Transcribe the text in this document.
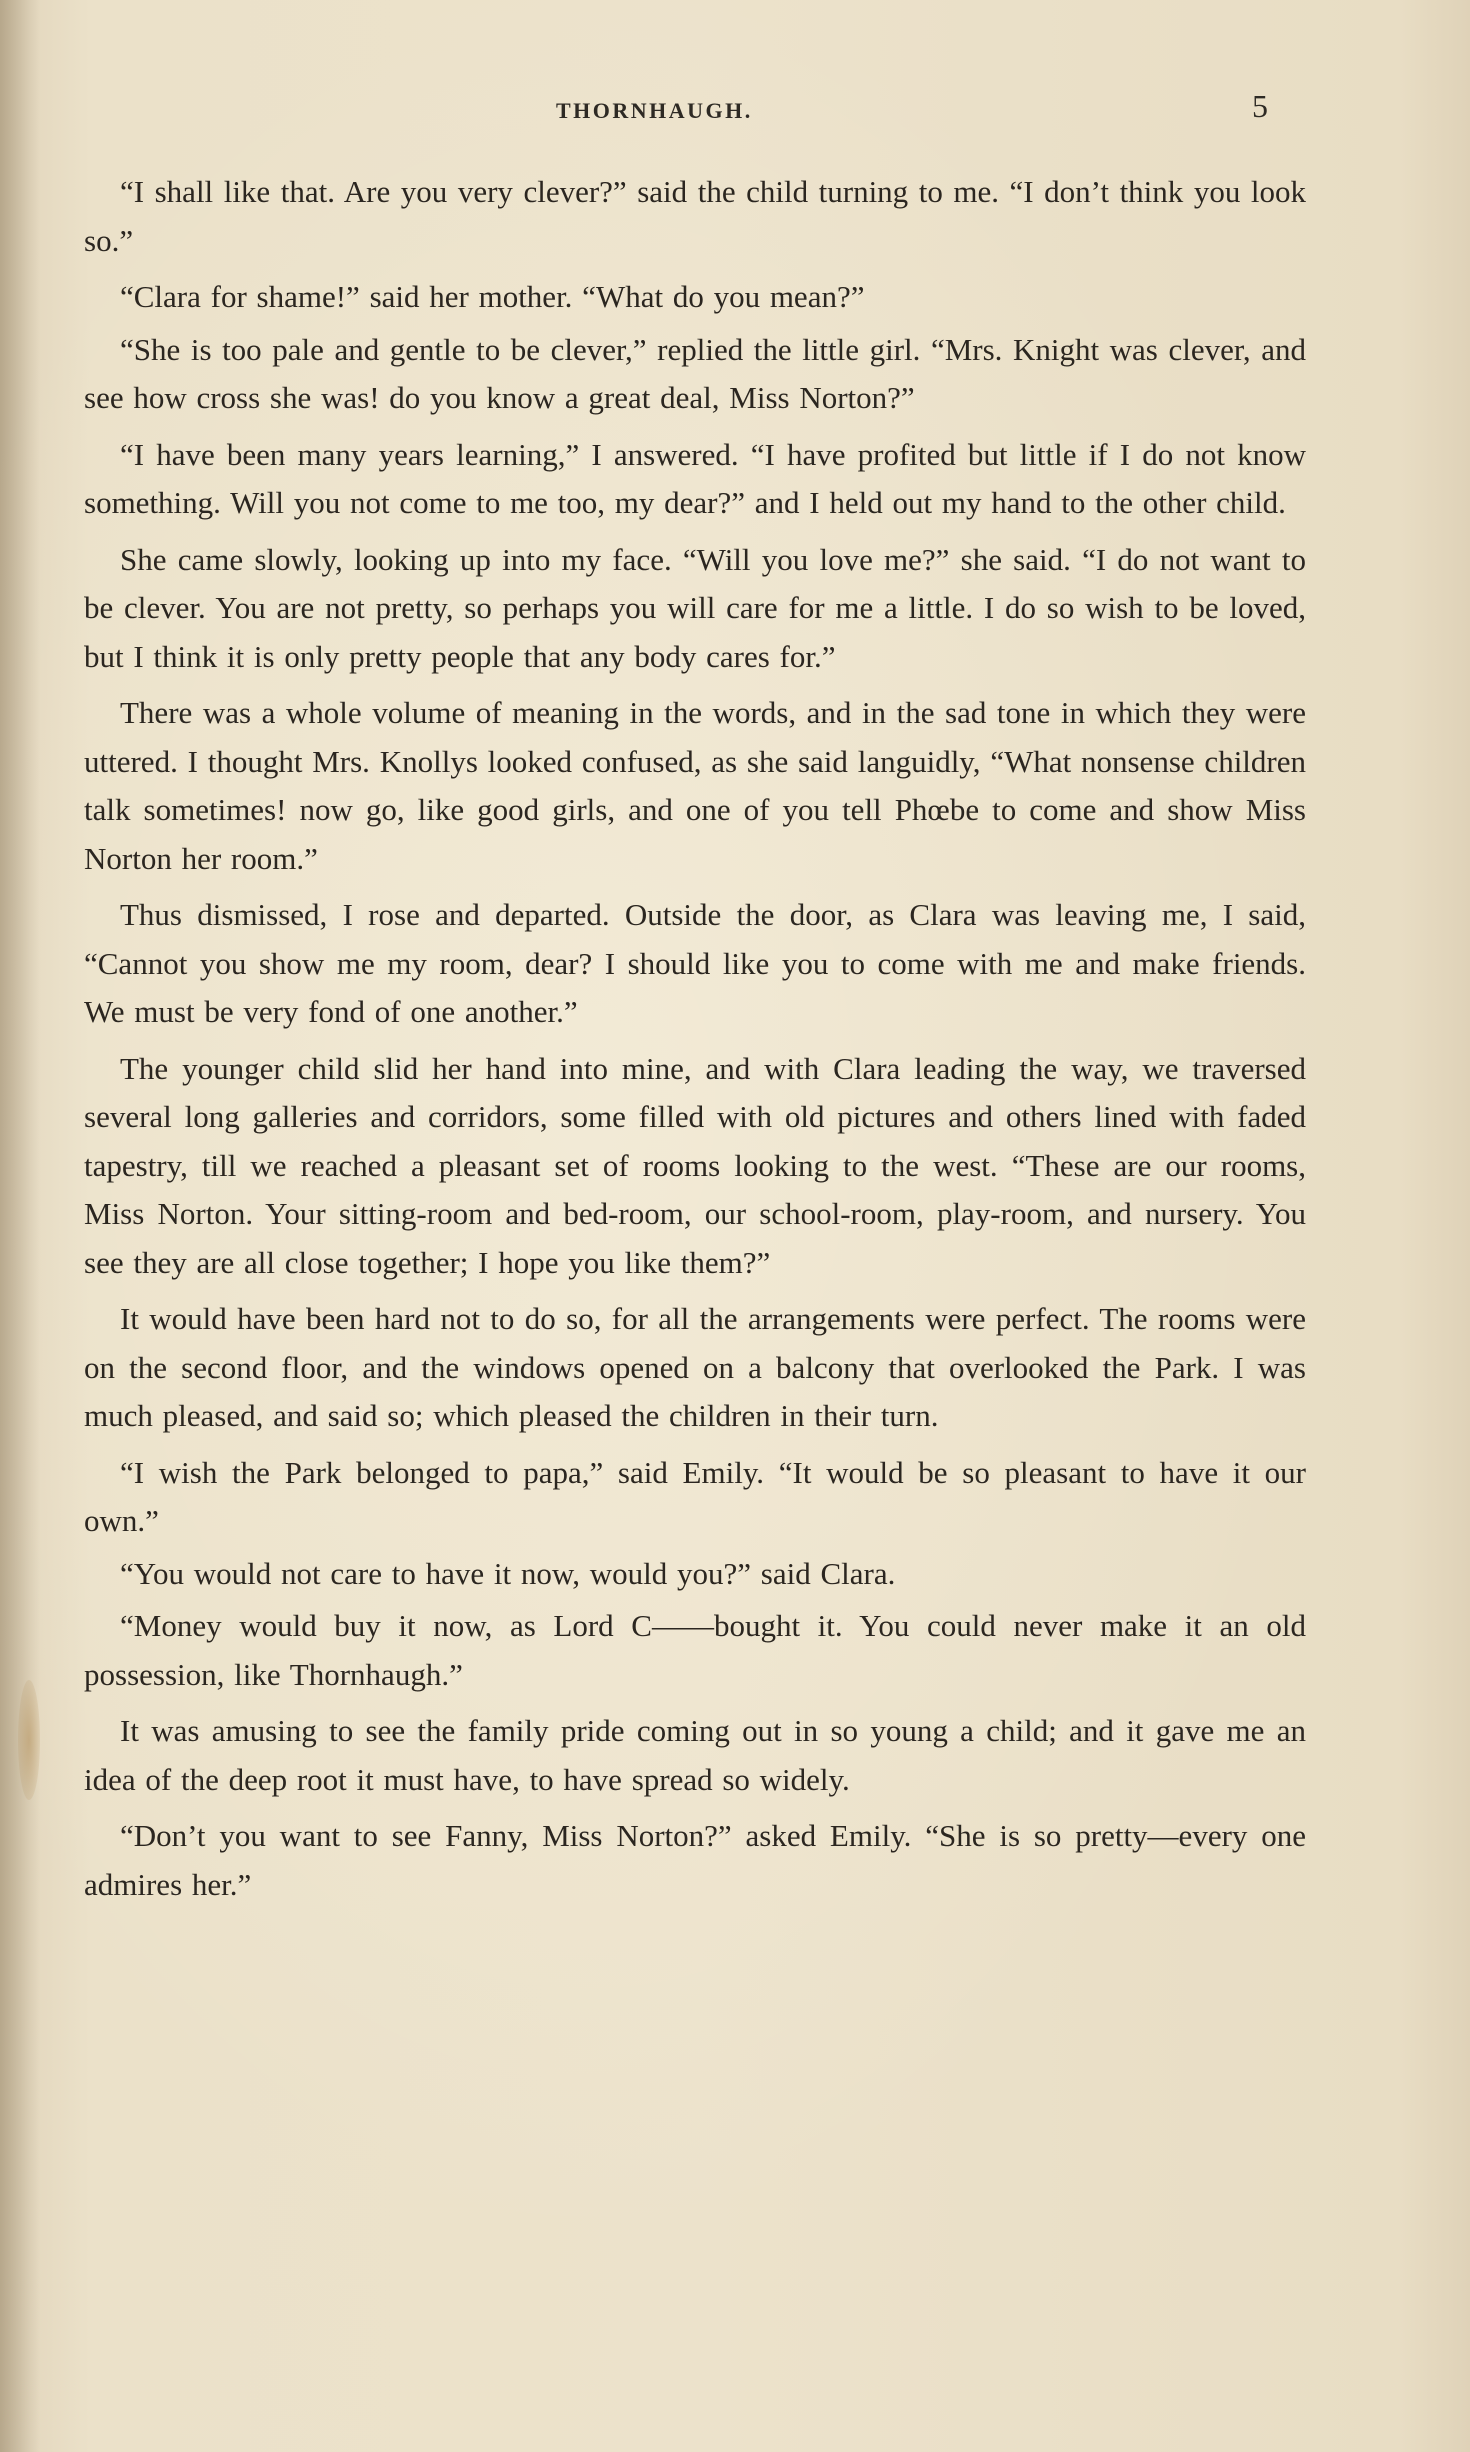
THORNHAUGH.	5

“I shall like that. Are you very clever?” said the child turning to me. “I don’t think you look so.”

“Clara for shame!” said her mother. “What do you mean?”

“She is too pale and gentle to be clever,” replied the little girl. “Mrs. Knight was clever, and see how cross she was! do you know a great deal, Miss Norton?”

“I have been many years learning,” I answered. “I have profited but little if I do not know something. Will you not come to me too, my dear?” and I held out my hand to the other child.

She came slowly, looking up into my face. “Will you love me?” she said. “I do not want to be clever. You are not pretty, so perhaps you will care for me a little. I do so wish to be loved, but I think it is only pretty people that any body cares for.”

There was a whole volume of meaning in the words, and in the sad tone in which they were uttered. I thought Mrs. Knollys looked confused, as she said languidly, “What nonsense children talk sometimes! now go, like good girls, and one of you tell Phœbe to come and show Miss Norton her room.”

Thus dismissed, I rose and departed. Outside the door, as Clara was leaving me, I said, “Cannot you show me my room, dear? I should like you to come with me and make friends. We must be very fond of one another.”

The younger child slid her hand into mine, and with Clara leading the way, we traversed several long galleries and corridors, some filled with old pictures and others lined with faded tapestry, till we reached a pleasant set of rooms looking to the west. “These are our rooms, Miss Norton. Your sitting-room and bed-room, our school-room, play-room, and nursery. You see they are all close together; I hope you like them?”

It would have been hard not to do so, for all the arrangements were perfect. The rooms were on the second floor, and the windows opened on a balcony that overlooked the Park. I was much pleased, and said so; which pleased the children in their turn.

“I wish the Park belonged to papa,” said Emily. “It would be so pleasant to have it our own.”

“You would not care to have it now, would you?” said Clara.

“Money would buy it now, as Lord C——bought it. You could never make it an old possession, like Thornhaugh.”

It was amusing to see the family pride coming out in so young a child; and it gave me an idea of the deep root it must have, to have spread so widely.

“Don’t you want to see Fanny, Miss Norton?” asked Emily. “She is so pretty—every one admires her.”
